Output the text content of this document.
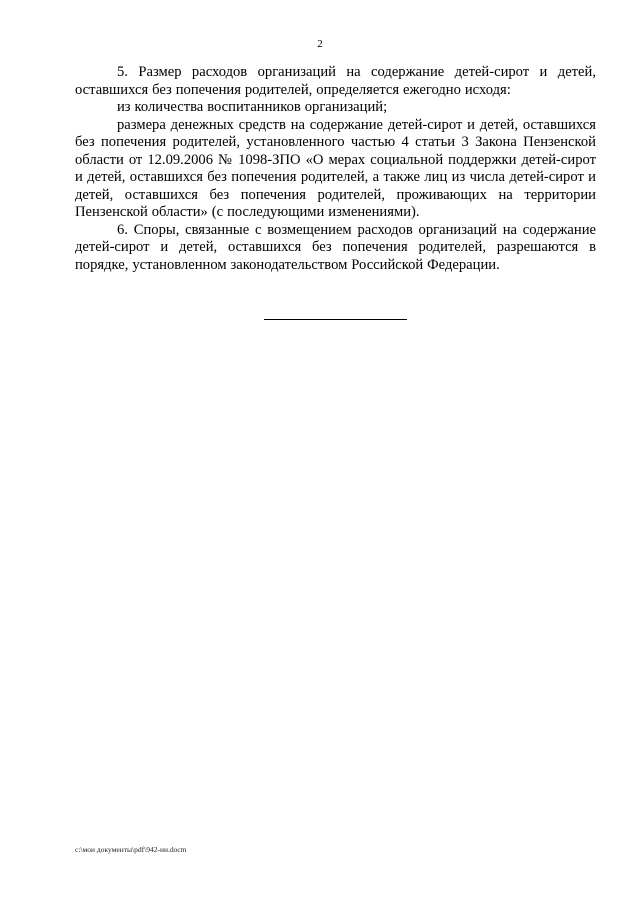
2

5. Размер расходов организаций на содержание детей-сирот и детей, оставшихся без попечения родителей, определяется ежегодно исходя:

из количества воспитанников организаций;

размера денежных средств на содержание детей-сирот и детей, оставшихся без попечения родителей, установленного частью 4 статьи 3 Закона Пензенской области от 12.09.2006 № 1098-ЗПО «О мерах социальной поддержки детей-сирот и детей, оставшихся без попечения родителей, а также лиц из числа детей-сирот и детей, оставшихся без попечения родителей, проживающих на территории Пензенской области» (с последующими изменениями).

6. Споры, связанные с возмещением расходов организаций на содержание детей-сирот и детей, оставшихся без попечения родителей, разрешаются в порядке, установленном законодательством Российской Федерации.

c:\мои документы\pdf\942-ии.docm
